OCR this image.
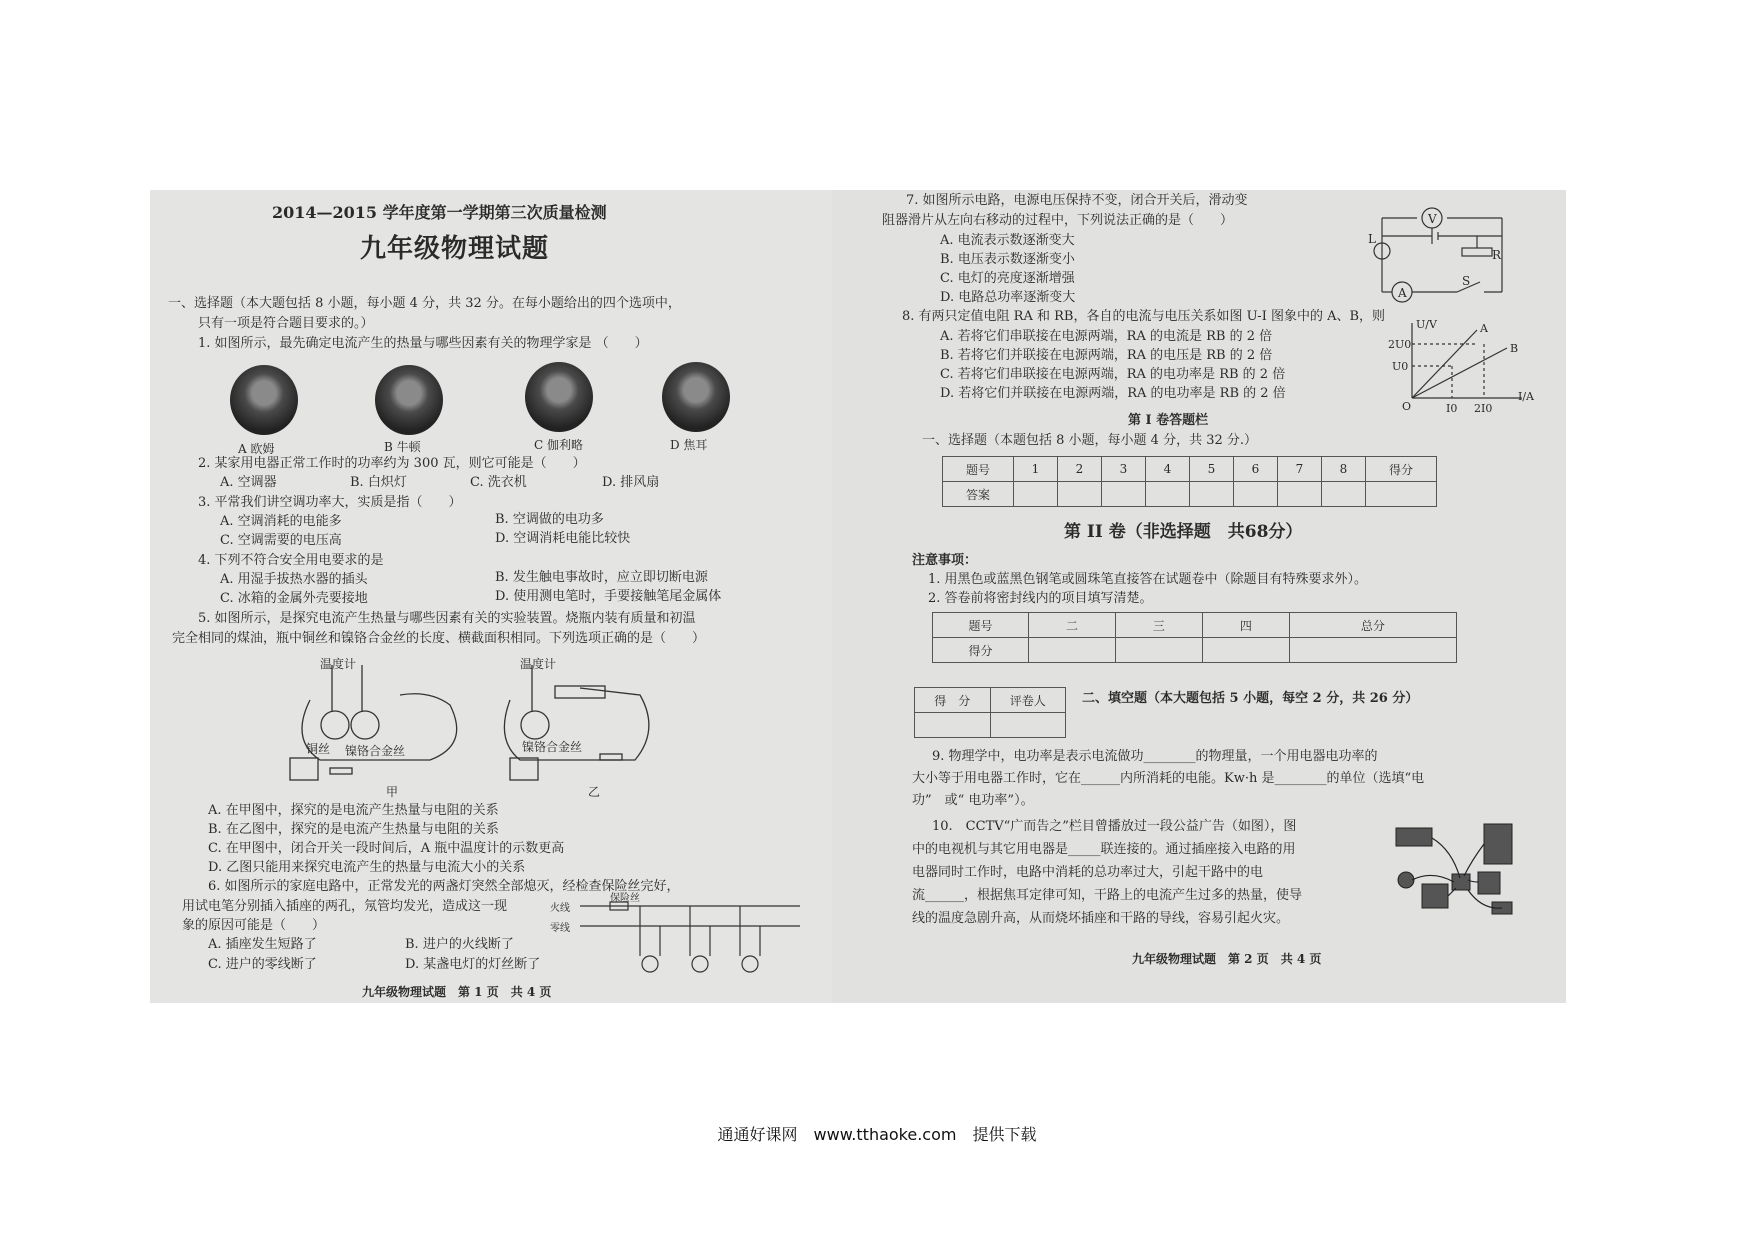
2014—2015 学年度第一学期第三次质量检测
九年级物理试题
一、选择题（本大题包括 8 小题，每小题 4 分，共 32 分。在每小题给出的四个选项中，
只有一项是符合题目要求的。）
1. 如图所示，最先确定电流产生的热量与哪些因素有关的物理学家是 （　　）
A 欧姆	B 牛顿	C 伽利略	D 焦耳
2. 某家用电器正常工作时的功率约为 300 瓦，则它可能是（　　）
A. 空调器	B. 白炽灯	C. 洗衣机	D. 排风扇
3. 平常我们讲空调功率大，实质是指（　　）
A. 空调消耗的电能多	B. 空调做的电功多
C. 空调需要的电压高	D. 空调消耗电能比较快
4. 下列不符合安全用电要求的是
A. 用湿手拔热水器的插头	B. 发生触电事故时，应立即切断电源
C. 冰箱的金属外壳要接地	D. 使用测电笔时，手要接触笔尾金属体
5. 如图所示，是探究电流产生热量与哪些因素有关的实验装置。烧瓶内装有质量和初温
完全相同的煤油，瓶中铜丝和镍铬合金丝的长度、横截面积相同。下列选项正确的是（　　）
温度计	温度计
铜丝 镍铬合金丝	镍铬合金丝
甲	乙
A. 在甲图中，探究的是电流产生热量与电阻的关系
B. 在乙图中，探究的是电流产生热量与电阻的关系
C. 在甲图中，闭合开关一段时间后，A 瓶中温度计的示数更高
D. 乙图只能用来探究电流产生的热量与电流大小的关系
6. 如图所示的家庭电路中，正常发光的两盏灯突然全部熄灭，经检查保险丝完好，
用试电笔分别插入插座的两孔，氖管均发光，造成这一现
象的原因可能是（　　）
A. 插座发生短路了	B. 进户的火线断了
C. 进户的零线断了	D. 某盏电灯的灯丝断了
火线
零线
保险丝
九年级物理试题　第 1 页　共 4 页
7. 如图所示电路，电源电压保持不变，闭合开关后，滑动变
阻器滑片从左向右移动的过程中，下列说法正确的是（　　）
A. 电流表示数逐渐变大
B. 电压表示数逐渐变小
C. 电灯的亮度逐渐增强
D. 电路总功率逐渐变大
V
A
L
R
S
8. 有两只定值电阻 RA 和 RB，各自的电流与电压关系如图 U-I 图象中的 A、B，则
A. 若将它们串联接在电源两端，RA 的电流是 RB 的 2 倍
B. 若将它们并联接在电源两端，RA 的电压是 RB 的 2 倍
C. 若将它们串联接在电源两端，RA 的电功率是 RB 的 2 倍
D. 若将它们并联接在电源两端，RA 的电功率是 RB 的 2 倍
U/V
I/A
2U0
U0
I0 2I0
O
A
B
第 I 卷答题栏
一、选择题（本题包括 8 小题，每小题 4 分，共 32 分.）
题号	1	2	3	4	5	6	7	8	得分
答案									
第 II 卷（非选择题　共68分）
注意事项：
1. 用黑色或蓝黑色钢笔或圆珠笔直接答在试题卷中（除题目有特殊要求外）。
2. 答卷前将密封线内的项目填写清楚。
题号	二	三	四	总分
得分				
得　分	评卷人
		二、填空题（本大题包括 5 小题，每空 2 分，共 26 分）
9. 物理学中，电功率是表示电流做功________的物理量，一个用电器电功率的
大小等于用电器工作时，它在______内所消耗的电能。Kw·h 是________的单位（选填“电
功”　或“ 电功率”）。
10.　CCTV“广而告之”栏目曾播放过一段公益广告（如图），图
中的电视机与其它用电器是_____联连接的。通过插座接入电路的用
电器同时工作时，电路中消耗的总功率过大，引起干路中的电
流______，根据焦耳定律可知，干路上的电流产生过多的热量，使导
线的温度急剧升高，从而烧坏插座和干路的导线，容易引起火灾。
九年级物理试题　第 2 页　共 4 页
通通好课网　www.tthaoke.com　提供下载
